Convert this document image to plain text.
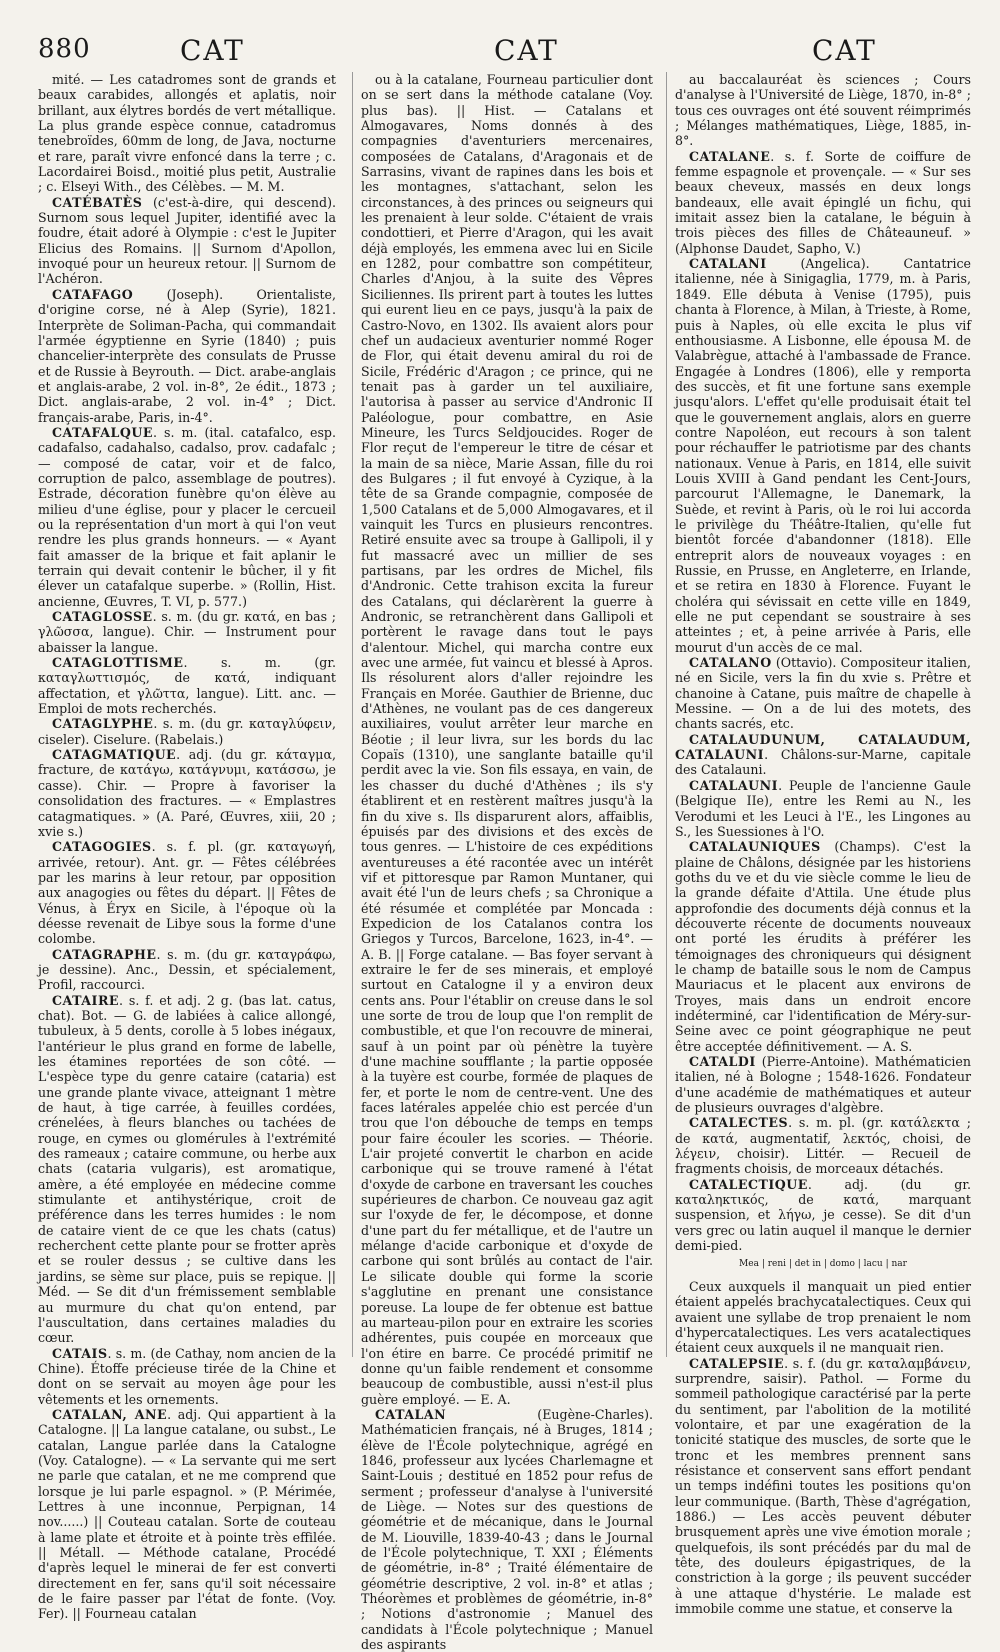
880	CAT	CAT	CAT

mité. — Les catadromes sont de grands et beaux carabides, allongés et aplatis, noir brillant, aux élytres bordés de vert métallique. La plus grande espèce connue, catadromus tenebroïdes, 60mm de long, de Java, nocturne et rare, paraît vivre enfoncé dans la terre ; c. Lacordairei Boisd., moitié plus petit, Australie ; c. Elseyi With., des Célèbes. — M. M.

CATÉBATÈS (c'est-à-dire, qui descend). Surnom sous lequel Jupiter, identifié avec la foudre, était adoré à Olympie : c'est le Jupiter Elicius des Romains. || Surnom d'Apollon, invoqué pour un heureux retour. || Surnom de l'Achéron.

CATAFAGO (Joseph). Orientaliste, d'origine corse, né à Alep (Syrie), 1821. Interprète de Soliman-Pacha, qui commandait l'armée égyptienne en Syrie (1840) ; puis chancelier-interprète des consulats de Prusse et de Russie à Beyrouth. — Dict. arabe-anglais et anglais-arabe, 2 vol. in-8°, 2e édit., 1873 ; Dict. anglais-arabe, 2 vol. in-4° ; Dict. français-arabe, Paris, in-4°.

CATAFALQUE. s. m. (ital. catafalco, esp. cadafalso, cadahalso, cadalso, prov. cadafalc ; — composé de catar, voir et de falco, corruption de palco, assemblage de poutres). Estrade, décoration funèbre qu'on élève au milieu d'une église, pour y placer le cercueil ou la représentation d'un mort à qui l'on veut rendre les plus grands honneurs. — « Ayant fait amasser de la brique et fait aplanir le terrain qui devait contenir le bûcher, il y fit élever un catafalque superbe. » (Rollin, Hist. ancienne, Œuvres, T. VI, p. 577.)

CATAGLOSSE. s. m. (du gr. κατά, en bas ; γλῶσσα, langue). Chir. — Instrument pour abaisser la langue.

CATAGLOTTISME. s. m. (gr. καταγλωττισμός, de κατά, indiquant affectation, et γλῶττα, langue). Litt. anc. — Emploi de mots recherchés.

CATAGLYPHE. s. m. (du gr. καταγλύφειν, ciseler). Ciselure. (Rabelais.)

CATAGMATIQUE. adj. (du gr. κάταγμα, fracture, de κατάγω, κατάγνυμι, κατάσσω, je casse). Chir. — Propre à favoriser la consolidation des fractures. — « Emplastres catagmatiques. » (A. Paré, Œuvres, xiii, 20 ; xvie s.)

CATAGOGIES. s. f. pl. (gr. καταγωγή, arrivée, retour). Ant. gr. — Fêtes célébrées par les marins à leur retour, par opposition aux anagogies ou fêtes du départ. || Fêtes de Vénus, à Éryx en Sicile, à l'époque où la déesse revenait de Libye sous la forme d'une colombe.

CATAGRAPHE. s. m. (du gr. καταγράφω, je dessine). Anc., Dessin, et spécialement, Profil, raccourci.

CATAIRE. s. f. et adj. 2 g. (bas lat. catus, chat). Bot. — G. de labiées à calice allongé, tubuleux, à 5 dents, corolle à 5 lobes inégaux, l'antérieur le plus grand en forme de labelle, les étamines reportées de son côté. — L'espèce type du genre cataire (cataria) est une grande plante vivace, atteignant 1 mètre de haut, à tige carrée, à feuilles cordées, crénelées, à fleurs blanches ou tachées de rouge, en cymes ou glomérules à l'extrémité des rameaux ; cataire commune, ou herbe aux chats (cataria vulgaris), est aromatique, amère, a été employée en médecine comme stimulante et antihystérique, croit de préférence dans les terres humides : le nom de cataire vient de ce que les chats (catus) recherchent cette plante pour se frotter après et se rouler dessus ; se cultive dans les jardins, se sème sur place, puis se repique. || Méd. — Se dit d'un frémissement semblable au murmure du chat qu'on entend, par l'auscultation, dans certaines maladies du cœur.

CATAIS. s. m. (de Cathay, nom ancien de la Chine). Étoffe précieuse tirée de la Chine et dont on se servait au moyen âge pour les vêtements et les ornements.

CATALAN, ANE. adj. Qui appartient à la Catalogne. || La langue catalane, ou subst., Le catalan, Langue parlée dans la Catalogne (Voy. Catalogne). — « La servante qui me sert ne parle que catalan, et ne me comprend que lorsque je lui parle espagnol. » (P. Mérimée, Lettres à une inconnue, Perpignan, 14 nov......) || Couteau catalan. Sorte de couteau à lame plate et étroite et à pointe très effilée. || Métall. — Méthode catalane, Procédé d'après lequel le minerai de fer est converti directement en fer, sans qu'il soit nécessaire de le faire passer par l'état de fonte. (Voy. Fer). || Fourneau catalan

ou à la catalane, Fourneau particulier dont on se sert dans la méthode catalane (Voy. plus bas). || Hist. — Catalans et Almogavares, Noms donnés à des compagnies d'aventuriers mercenaires, composées de Catalans, d'Aragonais et de Sarrasins, vivant de rapines dans les bois et les montagnes, s'attachant, selon les circonstances, à des princes ou seigneurs qui les prenaient à leur solde. C'étaient de vrais condottieri, et Pierre d'Aragon, qui les avait déjà employés, les emmena avec lui en Sicile en 1282, pour combattre son compétiteur, Charles d'Anjou, à la suite des Vêpres Siciliennes. Ils prirent part à toutes les luttes qui eurent lieu en ce pays, jusqu'à la paix de Castro-Novo, en 1302. Ils avaient alors pour chef un audacieux aventurier nommé Roger de Flor, qui était devenu amiral du roi de Sicile, Frédéric d'Aragon ; ce prince, qui ne tenait pas à garder un tel auxiliaire, l'autorisa à passer au service d'Andronic II Paléologue, pour combattre, en Asie Mineure, les Turcs Seldjoucides. Roger de Flor reçut de l'empereur le titre de césar et la main de sa nièce, Marie Assan, fille du roi des Bulgares ; il fut envoyé à Cyzique, à la tête de sa Grande compagnie, composée de 1,500 Catalans et de 5,000 Almogavares, et il vainquit les Turcs en plusieurs rencontres. Retiré ensuite avec sa troupe à Gallipoli, il y fut massacré avec un millier de ses partisans, par les ordres de Michel, fils d'Andronic. Cette trahison excita la fureur des Catalans, qui déclarèrent la guerre à Andronic, se retranchèrent dans Gallipoli et portèrent le ravage dans tout le pays d'alentour. Michel, qui marcha contre eux avec une armée, fut vaincu et blessé à Apros. Ils résolurent alors d'aller rejoindre les Français en Morée. Gauthier de Brienne, duc d'Athènes, ne voulant pas de ces dangereux auxiliaires, voulut arrêter leur marche en Béotie ; il leur livra, sur les bords du lac Copaïs (1310), une sanglante bataille qu'il perdit avec la vie. Son fils essaya, en vain, de les chasser du duché d'Athènes ; ils s'y établirent et en restèrent maîtres jusqu'à la fin du xive s. Ils disparurent alors, affaiblis, épuisés par des divisions et des excès de tous genres. — L'histoire de ces expéditions aventureuses a été racontée avec un intérêt vif et pittoresque par Ramon Muntaner, qui avait été l'un de leurs chefs ; sa Chronique a été résumée et complétée par Moncada : Expedicion de los Catalanos contra los Griegos y Turcos, Barcelone, 1623, in-4°. — A. B. || Forge catalane. — Bas foyer servant à extraire le fer de ses minerais, et employé surtout en Catalogne il y a environ deux cents ans. Pour l'établir on creuse dans le sol une sorte de trou de loup que l'on remplit de combustible, et que l'on recouvre de minerai, sauf à un point par où pénètre la tuyère d'une machine soufflante ; la partie opposée à la tuyère est courbe, formée de plaques de fer, et porte le nom de centre-vent. Une des faces latérales appelée chio est percée d'un trou que l'on débouche de temps en temps pour faire écouler les scories. — Théorie. L'air projeté convertit le charbon en acide carbonique qui se trouve ramené à l'état d'oxyde de carbone en traversant les couches supérieures de charbon. Ce nouveau gaz agit sur l'oxyde de fer, le décompose, et donne d'une part du fer métallique, et de l'autre un mélange d'acide carbonique et d'oxyde de carbone qui sont brûlés au contact de l'air. Le silicate double qui forme la scorie s'agglutine en prenant une consistance poreuse. La loupe de fer obtenue est battue au marteau-pilon pour en extraire les scories adhérentes, puis coupée en morceaux que l'on étire en barre. Ce procédé primitif ne donne qu'un faible rendement et consomme beaucoup de combustible, aussi n'est-il plus guère employé. — E. A.

CATALAN (Eugène-Charles). Mathématicien français, né à Bruges, 1814 ; élève de l'École polytechnique, agrégé en 1846, professeur aux lycées Charlemagne et Saint-Louis ; destitué en 1852 pour refus de serment ; professeur d'analyse à l'université de Liège. — Notes sur des questions de géométrie et de mécanique, dans le Journal de M. Liouville, 1839-40-43 ; dans le Journal de l'École polytechnique, T. XXI ; Éléments de géométrie, in-8° ; Traité élémentaire de géométrie descriptive, 2 vol. in-8° et atlas ; Théorèmes et problèmes de géométrie, in-8° ; Notions d'astronomie ; Manuel des candidats à l'École polytechnique ; Manuel des aspirants

au baccalauréat ès sciences ; Cours d'analyse à l'Université de Liège, 1870, in-8° ; tous ces ouvrages ont été souvent réimprimés ; Mélanges mathématiques, Liège, 1885, in-8°.

CATALANE. s. f. Sorte de coiffure de femme espagnole et provençale. — « Sur ses beaux cheveux, massés en deux longs bandeaux, elle avait épinglé un fichu, qui imitait assez bien la catalane, le béguin à trois pièces des filles de Châteauneuf. » (Alphonse Daudet, Sapho, V.)

CATALANI (Angelica). Cantatrice italienne, née à Sinigaglia, 1779, m. à Paris, 1849. Elle débuta à Venise (1795), puis chanta à Florence, à Milan, à Trieste, à Rome, puis à Naples, où elle excita le plus vif enthousiasme. A Lisbonne, elle épousa M. de Valabrègue, attaché à l'ambassade de France. Engagée à Londres (1806), elle y remporta des succès, et fit une fortune sans exemple jusqu'alors. L'effet qu'elle produisait était tel que le gouvernement anglais, alors en guerre contre Napoléon, eut recours à son talent pour réchauffer le patriotisme par des chants nationaux. Venue à Paris, en 1814, elle suivit Louis XVIII à Gand pendant les Cent-Jours, parcourut l'Allemagne, le Danemark, la Suède, et revint à Paris, où le roi lui accorda le privilège du Théâtre-Italien, qu'elle fut bientôt forcée d'abandonner (1818). Elle entreprit alors de nouveaux voyages : en Russie, en Prusse, en Angleterre, en Irlande, et se retira en 1830 à Florence. Fuyant le choléra qui sévissait en cette ville en 1849, elle ne put cependant se soustraire à ses atteintes ; et, à peine arrivée à Paris, elle mourut d'un accès de ce mal.

CATALANO (Ottavio). Compositeur italien, né en Sicile, vers la fin du xvie s. Prêtre et chanoine à Catane, puis maître de chapelle à Messine. — On a de lui des motets, des chants sacrés, etc.

CATALAUDUNUM, CATALAUDUM, CATALAUNI. Châlons-sur-Marne, capitale des Catalauni.

CATALAUNI. Peuple de l'ancienne Gaule (Belgique IIe), entre les Remi au N., les Verodumi et les Leuci à l'E., les Lingones au S., les Suessiones à l'O.

CATALAUNIQUES (Champs). C'est la plaine de Châlons, désignée par les historiens goths du ve et du vie siècle comme le lieu de la grande défaite d'Attila. Une étude plus approfondie des documents déjà connus et la découverte récente de documents nouveaux ont porté les érudits à préférer les témoignages des chroniqueurs qui désignent le champ de bataille sous le nom de Campus Mauriacus et le placent aux environs de Troyes, mais dans un endroit encore indéterminé, car l'identification de Méry-sur-Seine avec ce point géographique ne peut être acceptée définitivement. — A. S.

CATALDI (Pierre-Antoine). Mathématicien italien, né à Bologne ; 1548-1626. Fondateur d'une académie de mathématiques et auteur de plusieurs ouvrages d'algèbre.

CATALECTES. s. m. pl. (gr. κατάλεκτα ; de κατά, augmentatif, λεκτός, choisi, de λέγειν, choisir). Littér. — Recueil de fragments choisis, de morceaux détachés.

CATALECTIQUE. adj. (du gr. καταληκτικός, de κατά, marquant suspension, et λήγω, je cesse). Se dit d'un vers grec ou latin auquel il manque le dernier demi-pied.

Mea | reni | det in | domo | lacu | nar

Ceux auxquels il manquait un pied entier étaient appelés brachycatalectiques. Ceux qui avaient une syllabe de trop prenaient le nom d'hypercatalectiques. Les vers acatalectiques étaient ceux auxquels il ne manquait rien.

CATALEPSIE. s. f. (du gr. καταλαμβάνειν, surprendre, saisir). Pathol. — Forme du sommeil pathologique caractérisé par la perte du sentiment, par l'abolition de la motilité volontaire, et par une exagération de la tonicité statique des muscles, de sorte que le tronc et les membres prennent sans résistance et conservent sans effort pendant un temps indéfini toutes les positions qu'on leur communique. (Barth, Thèse d'agrégation, 1886.) — Les accès peuvent débuter brusquement après une vive émotion morale ; quelquefois, ils sont précédés par du mal de tête, des douleurs épigastriques, de la constriction à la gorge ; ils peuvent succéder à une attaque d'hystérie. Le malade est immobile comme une statue, et conserve la
